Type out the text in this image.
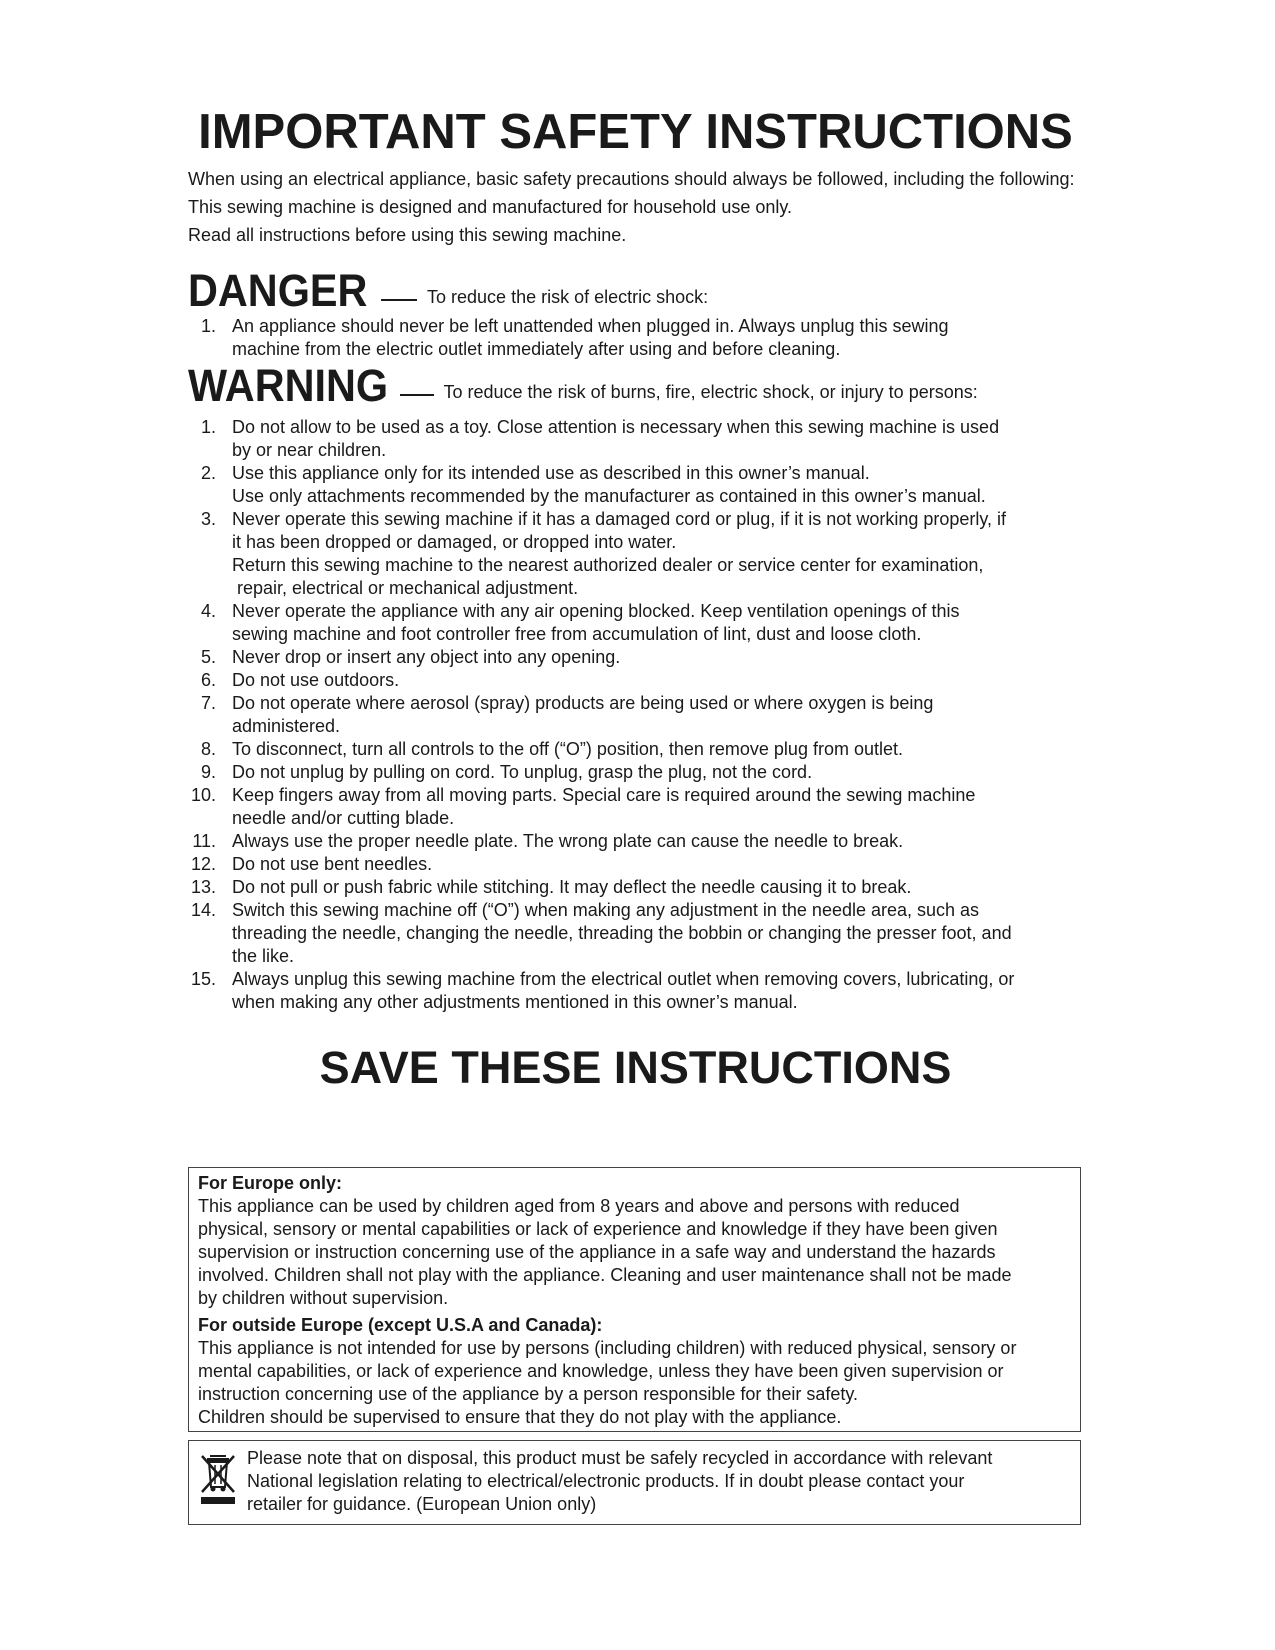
IMPORTANT SAFETY INSTRUCTIONS

When using an electrical appliance, basic safety precautions should always be followed, including the following:

This sewing machine is designed and manufactured for household use only.

Read all instructions before using this sewing machine.

DANGER	To reduce the risk of electric shock:
1. An appliance should never be left unattended when plugged in. Always unplug this sewing
machine from the electric outlet immediately after using and before cleaning.
WARNING	To reduce the risk of burns, fire, electric shock, or injury to persons:
1. Do not allow to be used as a toy. Close attention is necessary when this sewing machine is used
by or near children.
2. Use this appliance only for its intended use as described in this owner’s manual.
Use only attachments recommended by the manufacturer as contained in this owner’s manual.
3. Never operate this sewing machine if it has a damaged cord or plug, if it is not working properly, if
it has been dropped or damaged, or dropped into water.
Return this sewing machine to the nearest authorized dealer or service center for examination,
repair, electrical or mechanical adjustment.
4. Never operate the appliance with any air opening blocked. Keep ventilation openings of this
sewing machine and foot controller free from accumulation of lint, dust and loose cloth.
5. Never drop or insert any object into any opening.
6. Do not use outdoors.
7. Do not operate where aerosol (spray) products are being used or where oxygen is being
administered.
8. To disconnect, turn all controls to the off (“O”) position, then remove plug from outlet.
9. Do not unplug by pulling on cord. To unplug, grasp the plug, not the cord.
10. Keep fingers away from all moving parts. Special care is required around the sewing machine
needle and/or cutting blade.
11. Always use the proper needle plate. The wrong plate can cause the needle to break.
12. Do not use bent needles.
13. Do not pull or push fabric while stitching. It may deflect the needle causing it to break.
14. Switch this sewing machine off (“O”) when making any adjustment in the needle area, such as
threading the needle, changing the needle, threading the bobbin or changing the presser foot, and
the like.
15. Always unplug this sewing machine from the electrical outlet when removing covers, lubricating, or
when making any other adjustments mentioned in this owner’s manual.
SAVE THESE INSTRUCTIONS
For Europe only:
This appliance can be used by children aged from 8 years and above and persons with reduced
physical, sensory or mental capabilities or lack of experience and knowledge if they have been given
supervision or instruction concerning use of the appliance in a safe way and understand the hazards
involved. Children shall not play with the appliance. Cleaning and user maintenance shall not be made
by children without supervision.
For outside Europe (except U.S.A and Canada):
This appliance is not intended for use by persons (including children) with reduced physical, sensory or
mental capabilities, or lack of experience and knowledge, unless they have been given supervision or
instruction concerning use of the appliance by a person responsible for their safety.
Children should be supervised to ensure that they do not play with the appliance.
Please note that on disposal, this product must be safely recycled in accordance with relevant
National legislation relating to electrical/electronic products. If in doubt please contact your
retailer for guidance. (European Union only)
